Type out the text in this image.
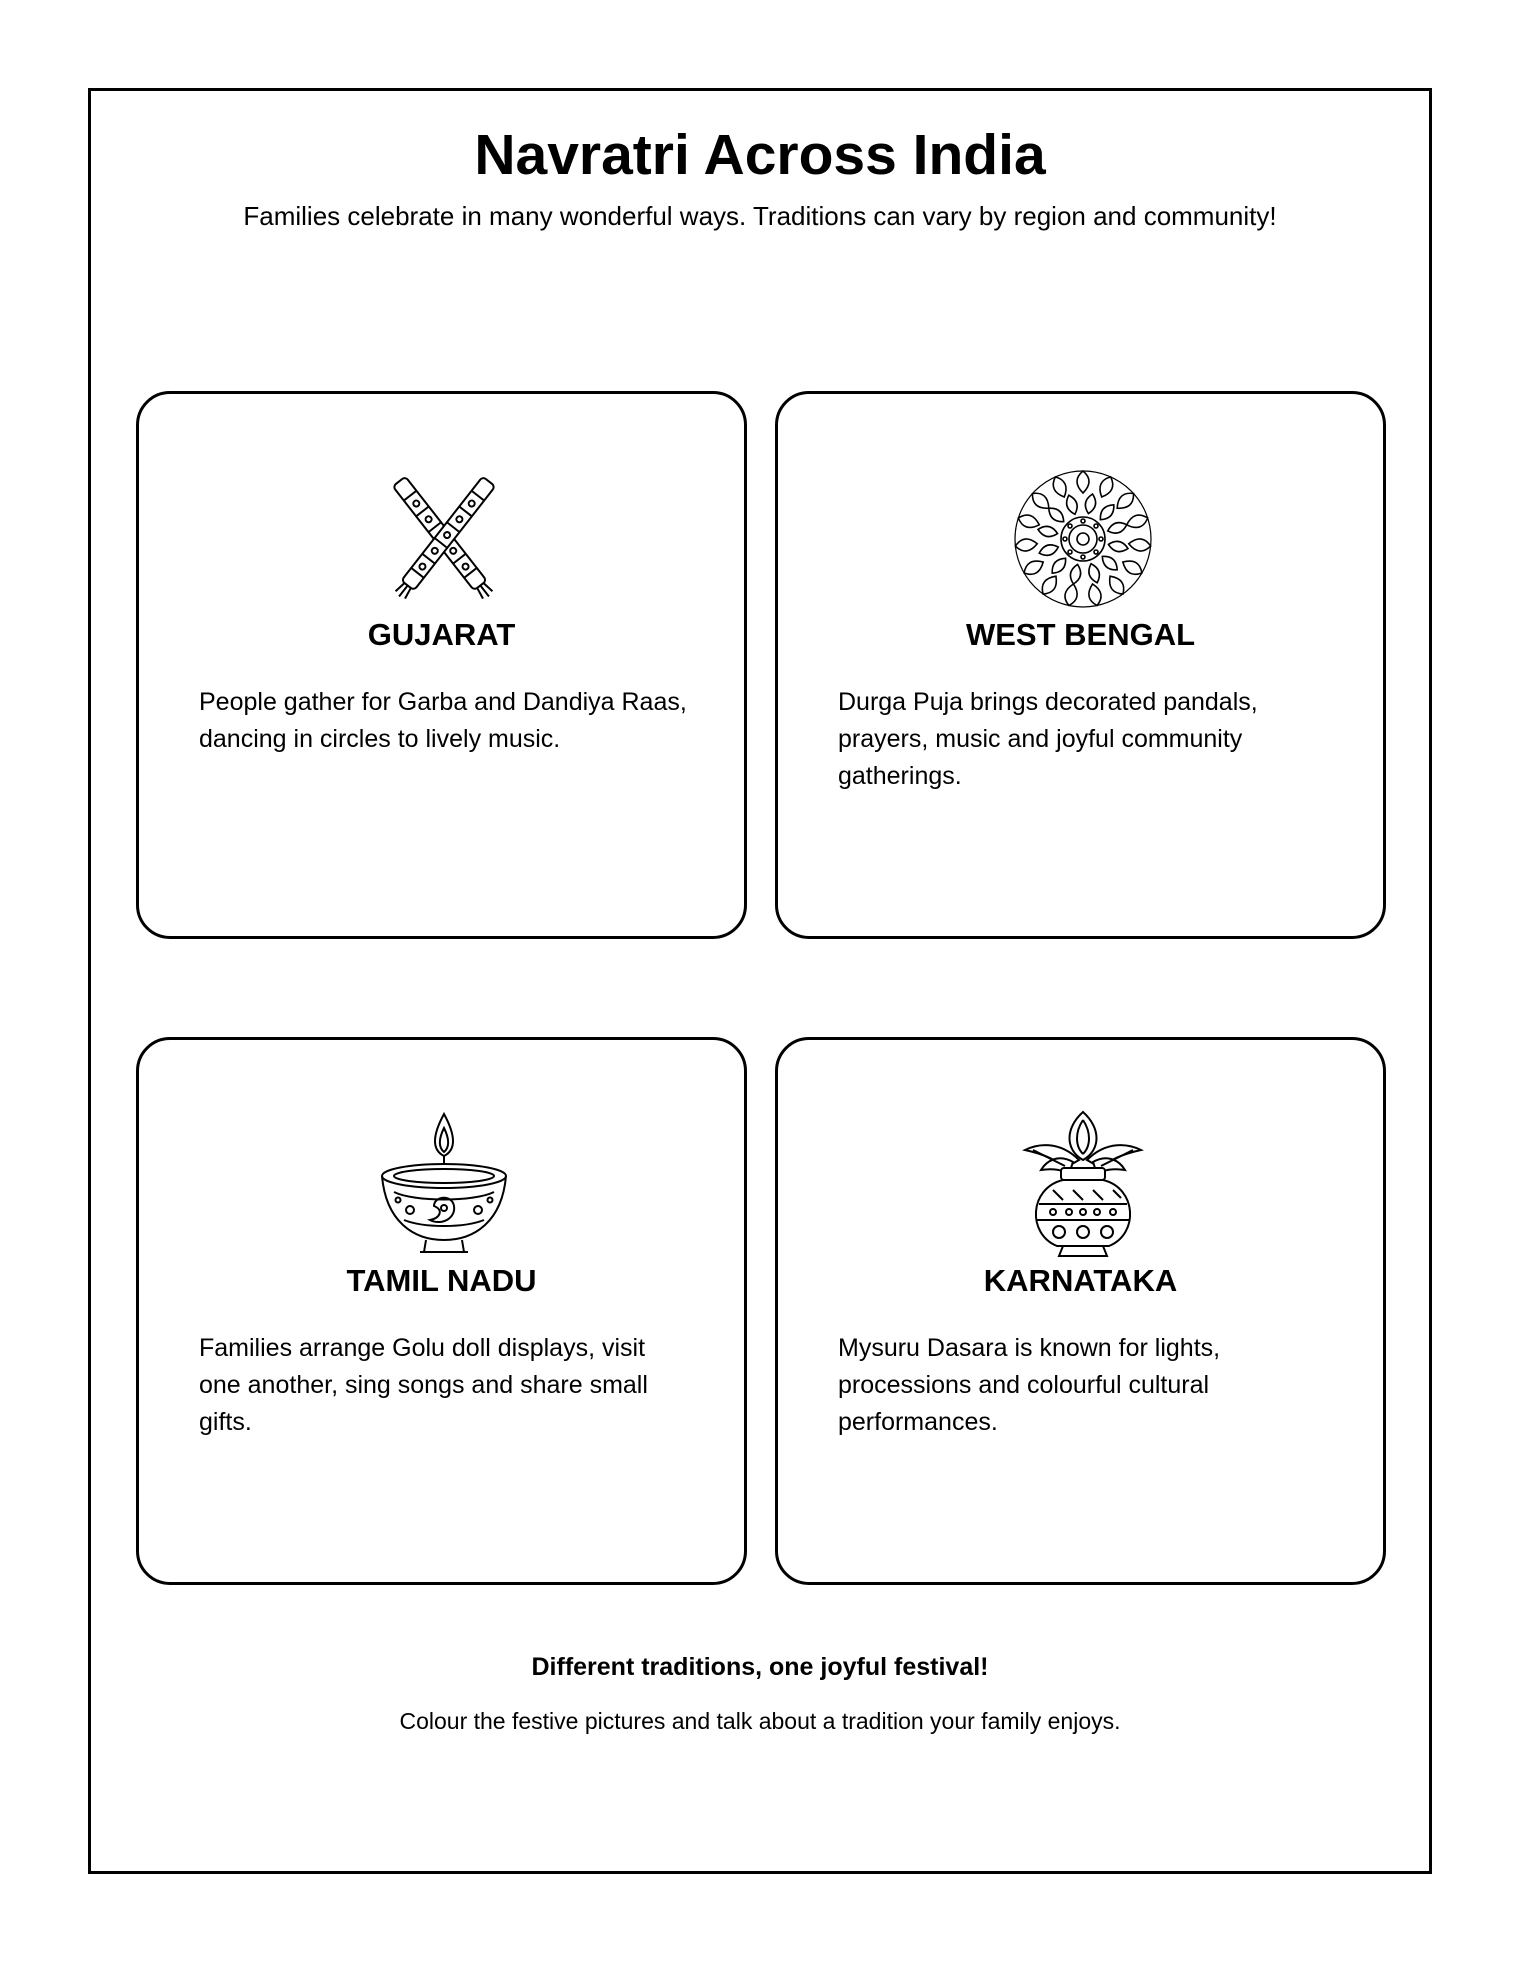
Navratri Across India

Families celebrate in many wonderful ways. Traditions can vary by region and community!

GUJARAT
People gather for Garba and Dandiya Raas, dancing in circles to lively music.
WEST BENGAL
Durga Puja brings decorated pandals, prayers, music and joyful community gatherings.
TAMIL NADU
Families arrange Golu doll displays, visit one another, sing songs and share small gifts.
KARNATAKA
Mysuru Dasara is known for lights, processions and colourful cultural performances.
Different traditions, one joyful festival!
Colour the festive pictures and talk about a tradition your family enjoys.
